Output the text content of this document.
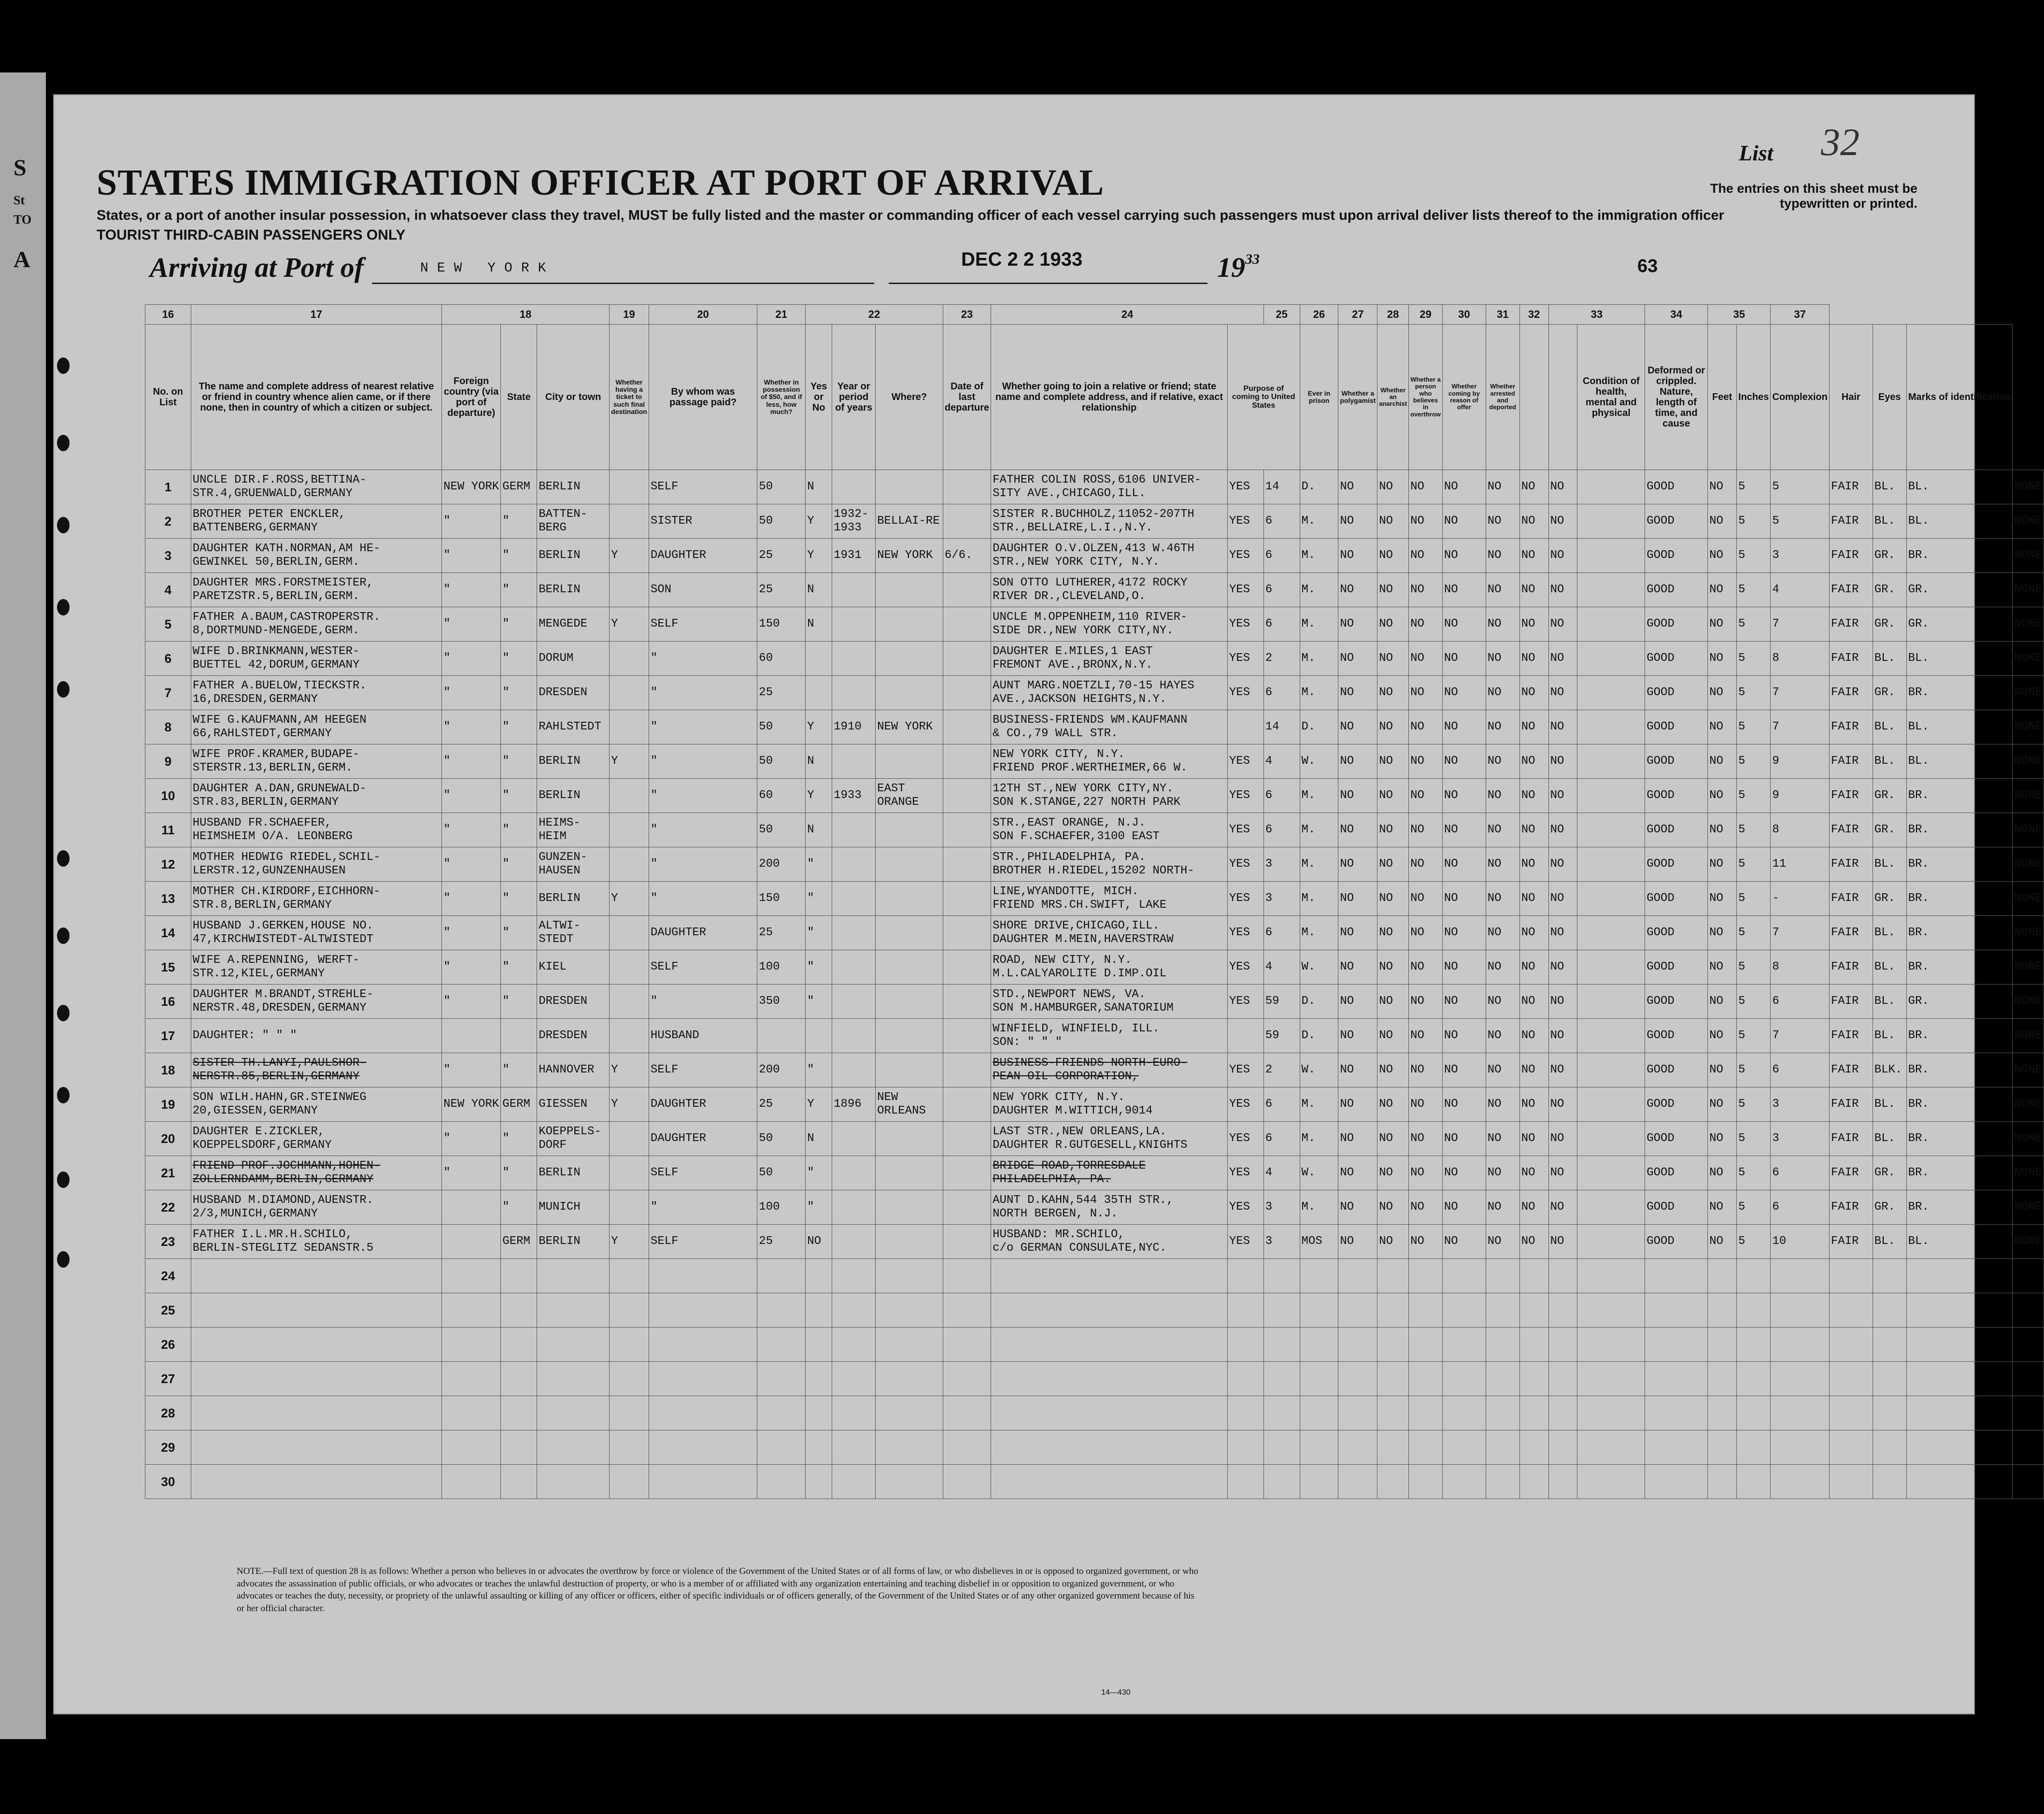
S
St
TO
A
STATES IMMIGRATION OFFICER AT PORT OF ARRIVAL
States, or a port of another insular possession, in whatsoever class they travel, MUST be fully listed and the master or commanding officer of each vessel carrying such passengers must upon arrival deliver lists thereof to the immigration officer
TOURIST THIRD-CABIN PASSENGERS ONLY
List 32
The entries on this sheet must be typewritten or printed.
Arriving at Port of	NEW YORK	DEC 2 2 1933	$19^{33}$	63
16	17	18			19	20	21	22			23	24		25	26	27	28	29	30	31	32	33		34	35		37				
No. on List	The name and complete address of nearest relative or friend in country whence alien came, or if there none, then in country of which a citizen or subject.	Foreign country (via port of departure)	State	City or town	Whether having a ticket to such final destination	By whom was passage paid?	Whether in possession of $50, and if less, how much?	Yes or No	Year or period of years	Where?	Date of last departure	Whether going to join a relative or friend; state name and complete address, and if relative, exact relationship	Purpose of coming to United States		Ever in prison	Whether a polygamist	Whether an anarchist	Whether a person who believes in overthrow	Whether coming by reason of offer	Whether arrested and deported			Condition of health, mental and physical	Deformed or crippled. Nature, length of time, and cause	Feet	Inches	Complexion	Hair	Eyes	Marks of identification	
1	UNCLE DIR.F.ROSS,BETTINA-
STR.4,GRUENWALD,GERMANY	NEW YORK	GERM	BERLIN		SELF	50	N				FATHER COLIN ROSS,6106 UNIVER-
SITY AVE.,CHICAGO,ILL.	YES	14	D.	NO	NO	NO	NO	NO	NO	NO		GOOD	NO	5	5	FAIR	BL.	BL.	NONE
2	BROTHER PETER ENCKLER,
BATTENBERG,GERMANY	"	"	BATTEN-BERG		SISTER	50	Y	1932-1933	BELLAI-RE		SISTER R.BUCHHOLZ,11052-207TH
STR.,BELLAIRE,L.I.,N.Y.	YES	6	M.	NO	NO	NO	NO	NO	NO	NO		GOOD	NO	5	5	FAIR	BL.	BL.	NONE
3	DAUGHTER KATH.NORMAN,AM HE-
GEWINKEL 50,BERLIN,GERM.	"	"	BERLIN	Y	DAUGHTER	25	Y	1931	NEW YORK	6/6.	DAUGHTER O.V.OLZEN,413 W.46TH
STR.,NEW YORK CITY, N.Y.	YES	6	M.	NO	NO	NO	NO	NO	NO	NO		GOOD	NO	5	3	FAIR	GR.	BR.	NONE
4	DAUGHTER MRS.FORSTMEISTER,
PARETZSTR.5,BERLIN,GERM.	"	"	BERLIN		SON	25	N				SON OTTO LUTHERER,4172 ROCKY
RIVER DR.,CLEVELAND,O.	YES	6	M.	NO	NO	NO	NO	NO	NO	NO		GOOD	NO	5	4	FAIR	GR.	GR.	NONE
5	FATHER A.BAUM,CASTROPERSTR.
8,DORTMUND-MENGEDE,GERM.	"	"	MENGEDE	Y	SELF	150	N				UNCLE M.OPPENHEIM,110 RIVER-
SIDE DR.,NEW YORK CITY,NY.	YES	6	M.	NO	NO	NO	NO	NO	NO	NO		GOOD	NO	5	7	FAIR	GR.	GR.	NONE
6	WIFE D.BRINKMANN,WESTER-
BUETTEL 42,DORUM,GERMANY	"	"	DORUM		"	60					DAUGHTER E.MILES,1 EAST
FREMONT AVE.,BRONX,N.Y.	YES	2	M.	NO	NO	NO	NO	NO	NO	NO		GOOD	NO	5	8	FAIR	BL.	BL.	NONE
7	FATHER A.BUELOW,TIECKSTR.
16,DRESDEN,GERMANY	"	"	DRESDEN		"	25					AUNT MARG.NOETZLI,70-15 HAYES
AVE.,JACKSON HEIGHTS,N.Y.	YES	6	M.	NO	NO	NO	NO	NO	NO	NO		GOOD	NO	5	7	FAIR	GR.	BR.	NONE
8	WIFE G.KAUFMANN,AM HEEGEN
66,RAHLSTEDT,GERMANY	"	"	RAHLSTEDT		"	50	Y	1910	NEW YORK		BUSINESS-FRIENDS WM.KAUFMANN
& CO.,79 WALL STR.		14	D.	NO	NO	NO	NO	NO	NO	NO		GOOD	NO	5	7	FAIR	BL.	BL.	NONE
9	WIFE PROF.KRAMER,BUDAPE-
STERSTR.13,BERLIN,GERM.	"	"	BERLIN	Y	"	50	N				NEW YORK CITY, N.Y.
FRIEND PROF.WERTHEIMER,66 W.	YES	4	W.	NO	NO	NO	NO	NO	NO	NO		GOOD	NO	5	9	FAIR	BL.	BL.	NONE
10	DAUGHTER A.DAN,GRUNEWALD-
STR.83,BERLIN,GERMANY	"	"	BERLIN		"	60	Y	1933	EAST ORANGE		12TH ST.,NEW YORK CITY,NY.
SON K.STANGE,227 NORTH PARK	YES	6	M.	NO	NO	NO	NO	NO	NO	NO		GOOD	NO	5	9	FAIR	GR.	BR.	NONE
11	HUSBAND FR.SCHAEFER,
HEIMSHEIM O/A. LEONBERG	"	"	HEIMS-HEIM		"	50	N				STR.,EAST ORANGE, N.J.
SON F.SCHAEFER,3100 EAST	YES	6	M.	NO	NO	NO	NO	NO	NO	NO		GOOD	NO	5	8	FAIR	GR.	BR.	NONE
12	MOTHER HEDWIG RIEDEL,SCHIL-
LERSTR.12,GUNZENHAUSEN	"	"	GUNZEN-HAUSEN		"	200	"				STR.,PHILADELPHIA, PA.
BROTHER H.RIEDEL,15202 NORTH-	YES	3	M.	NO	NO	NO	NO	NO	NO	NO		GOOD	NO	5	11	FAIR	BL.	BR.	NONE
13	MOTHER CH.KIRDORF,EICHHORN-
STR.8,BERLIN,GERMANY	"	"	BERLIN	Y	"	150	"				LINE,WYANDOTTE, MICH.
FRIEND MRS.CH.SWIFT, LAKE	YES	3	M.	NO	NO	NO	NO	NO	NO	NO		GOOD	NO	5	-	FAIR	GR.	BR.	NONE
14	HUSBAND J.GERKEN,HOUSE NO.
47,KIRCHWISTEDT-ALTWISTEDT	"	"	ALTWI-STEDT		DAUGHTER	25	"				SHORE DRIVE,CHICAGO,ILL.
DAUGHTER M.MEIN,HAVERSTRAW	YES	6	M.	NO	NO	NO	NO	NO	NO	NO		GOOD	NO	5	7	FAIR	BL.	BR.	NONE
15	WIFE A.REPENNING, WERFT-
STR.12,KIEL,GERMANY	"	"	KIEL		SELF	100	"				ROAD, NEW CITY, N.Y.
M.L.CALYAROLITE D.IMP.OIL	YES	4	W.	NO	NO	NO	NO	NO	NO	NO		GOOD	NO	5	8	FAIR	BL.	BR.	NONE
16	DAUGHTER M.BRANDT,STREHLE-
NERSTR.48,DRESDEN,GERMANY	"	"	DRESDEN		"	350	"				STD.,NEWPORT NEWS, VA.
SON M.HAMBURGER,SANATORIUM	YES	59	D.	NO	NO	NO	NO	NO	NO	NO		GOOD	NO	5	6	FAIR	BL.	GR.	NONE
17	DAUGHTER: " " "			DRESDEN		HUSBAND						WINFIELD, WINFIELD, ILL.
SON: " " "		59	D.	NO	NO	NO	NO	NO	NO	NO		GOOD	NO	5	7	FAIR	BL.	BR.	NONE
18	SISTER TH.LANYI,PAULSHOR-
NERSTR.85,BERLIN,GERMANY	"	"	HANNOVER	Y	SELF	200	"				BUSINESS-FRIENDS NORTH-EURO-
PEAN OIL CORPORATION,	YES	2	W.	NO	NO	NO	NO	NO	NO	NO		GOOD	NO	5	6	FAIR	BLK.	BR.	NONE
19	SON WILH.HAHN,GR.STEINWEG
20,GIESSEN,GERMANY	NEW YORK	GERM	GIESSEN	Y	DAUGHTER	25	Y	1896	NEW ORLEANS		NEW YORK CITY, N.Y.
DAUGHTER M.WITTICH,9014	YES	6	M.	NO	NO	NO	NO	NO	NO	NO		GOOD	NO	5	3	FAIR	BL.	BR.	NONE
20	DAUGHTER E.ZICKLER,
KOEPPELSDORF,GERMANY	"	"	KOEPPELS-DORF		DAUGHTER	50	N				LAST STR.,NEW ORLEANS,LA.
DAUGHTER R.GUTGESELL,KNIGHTS	YES	6	M.	NO	NO	NO	NO	NO	NO	NO		GOOD	NO	5	3	FAIR	BL.	BR.	NONE
21	FRIEND PROF.JOCHMANN,HOHEN-
ZOLLERNDAMM,BERLIN,GERMANY	"	"	BERLIN		SELF	50	"				BRIDGE ROAD,TORRESDALE
PHILADELPHIA, PA.	YES	4	W.	NO	NO	NO	NO	NO	NO	NO		GOOD	NO	5	6	FAIR	GR.	BR.	NONE
22	HUSBAND M.DIAMOND,AUENSTR.
2/3,MUNICH,GERMANY		"	MUNICH		"	100	"				AUNT D.KAHN,544 35TH STR.,
NORTH BERGEN, N.J.	YES	3	M.	NO	NO	NO	NO	NO	NO	NO		GOOD	NO	5	6	FAIR	GR.	BR.	NONE
23	FATHER I.L.MR.H.SCHILO,
BERLIN-STEGLITZ SEDANSTR.5		GERM	BERLIN	Y	SELF	25	NO				HUSBAND: MR.SCHILO,
c/o GERMAN CONSULATE,NYC.	YES	3	MOS	NO	NO	NO	NO	NO	NO	NO		GOOD	NO	5	10	FAIR	BL.	BL.	NONE
24																															
25																															
26																															
27																															
28																															
29																															
30																															
NOTE.—Full text of question 28 is as follows: Whether a person who believes in or advocates the overthrow by force or violence of the Government of the United States or of all forms of law, or who disbelieves in or is opposed to organized government, or who advocates the assassination of public officials, or who advocates or teaches the unlawful destruction of property, or who is a member of or affiliated with any organization entertaining and teaching disbelief in or opposition to organized government, or who advocates or teaches the duty, necessity, or propriety of the unlawful assaulting or killing of any officer or officers, either of specific individuals or of officers generally, of the Government of the United States or of any other organized government because of his or her official character.
14—430
